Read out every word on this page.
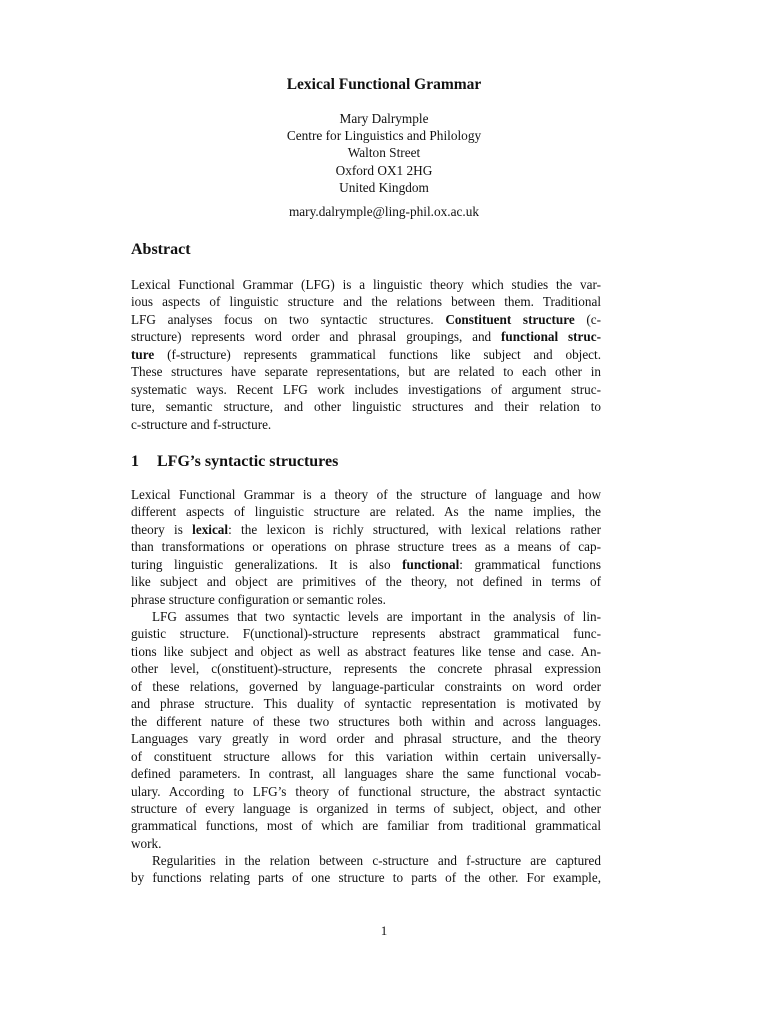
Lexical Functional Grammar
Mary Dalrymple
Centre for Linguistics and Philology
Walton Street
Oxford OX1 2HG
United Kingdom
mary.dalrymple@ling-phil.ox.ac.uk
Abstract
Lexical Functional Grammar (LFG) is a linguistic theory which studies the var-
ious aspects of linguistic structure and the relations between them. Traditional
LFG analyses focus on two syntactic structures. Constituent structure (c-
structure) represents word order and phrasal groupings, and functional struc-
ture (f-structure) represents grammatical functions like subject and object.
These structures have separate representations, but are related to each other in
systematic ways. Recent LFG work includes investigations of argument struc-
ture, semantic structure, and other linguistic structures and their relation to
c-structure and f-structure.
1 LFG’s syntactic structures
Lexical Functional Grammar is a theory of the structure of language and how
different aspects of linguistic structure are related. As the name implies, the
theory is lexical: the lexicon is richly structured, with lexical relations rather
than transformations or operations on phrase structure trees as a means of cap-
turing linguistic generalizations. It is also functional: grammatical functions
like subject and object are primitives of the theory, not defined in terms of
phrase structure configuration or semantic roles.
LFG assumes that two syntactic levels are important in the analysis of lin-
guistic structure. F(unctional)-structure represents abstract grammatical func-
tions like subject and object as well as abstract features like tense and case. An-
other level, c(onstituent)-structure, represents the concrete phrasal expression
of these relations, governed by language-particular constraints on word order
and phrase structure. This duality of syntactic representation is motivated by
the different nature of these two structures both within and across languages.
Languages vary greatly in word order and phrasal structure, and the theory
of constituent structure allows for this variation within certain universally-
defined parameters. In contrast, all languages share the same functional vocab-
ulary. According to LFG’s theory of functional structure, the abstract syntactic
structure of every language is organized in terms of subject, object, and other
grammatical functions, most of which are familiar from traditional grammatical
work.
Regularities in the relation between c-structure and f-structure are captured
by functions relating parts of one structure to parts of the other. For example,
1
